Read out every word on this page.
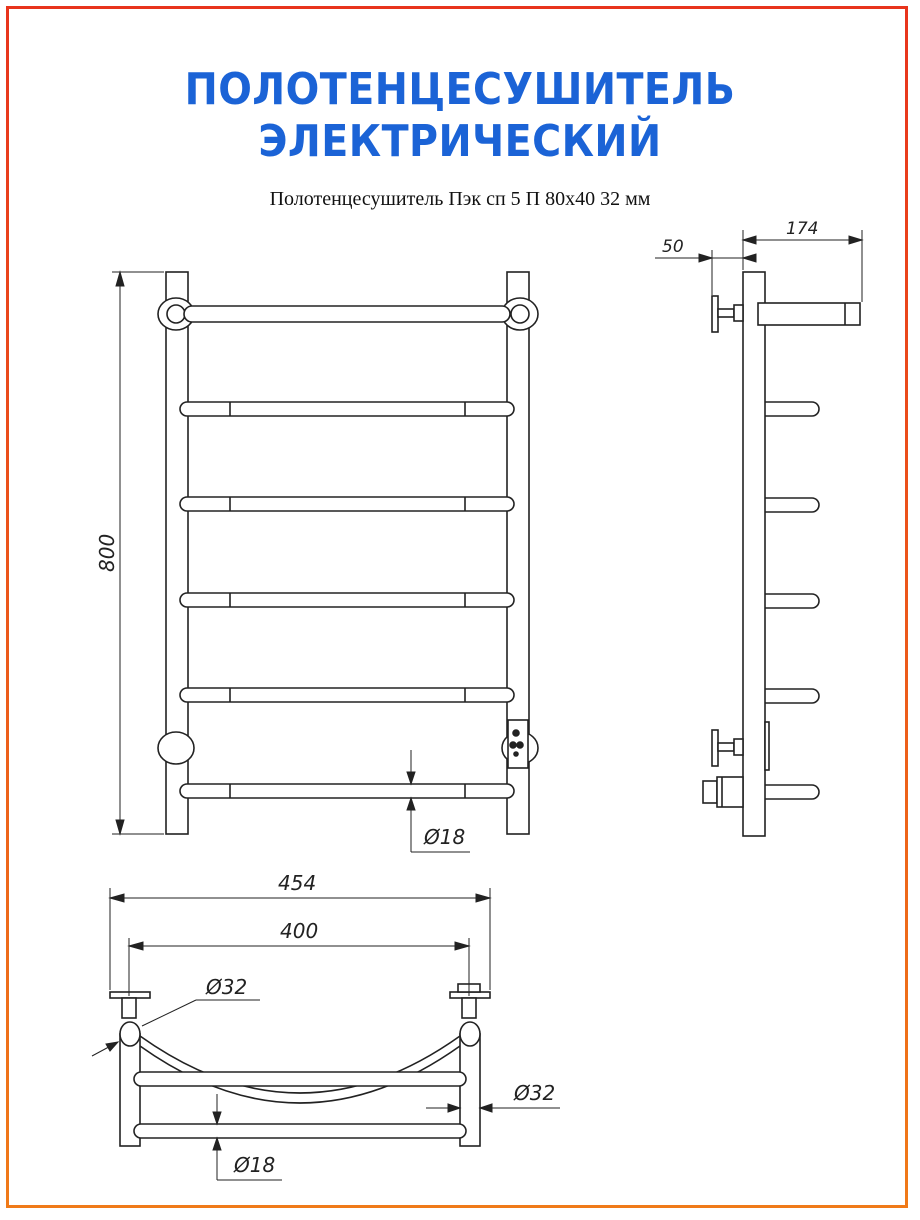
ПОЛОТЕНЦЕСУШИТЕЛЬ
ЭЛЕКТРИЧЕСКИЙ
Полотенцесушитель Пэк сп 5 П 80х40 32 мм
800
Ø18
174
50
454
400
Ø32
Ø32
Ø18
